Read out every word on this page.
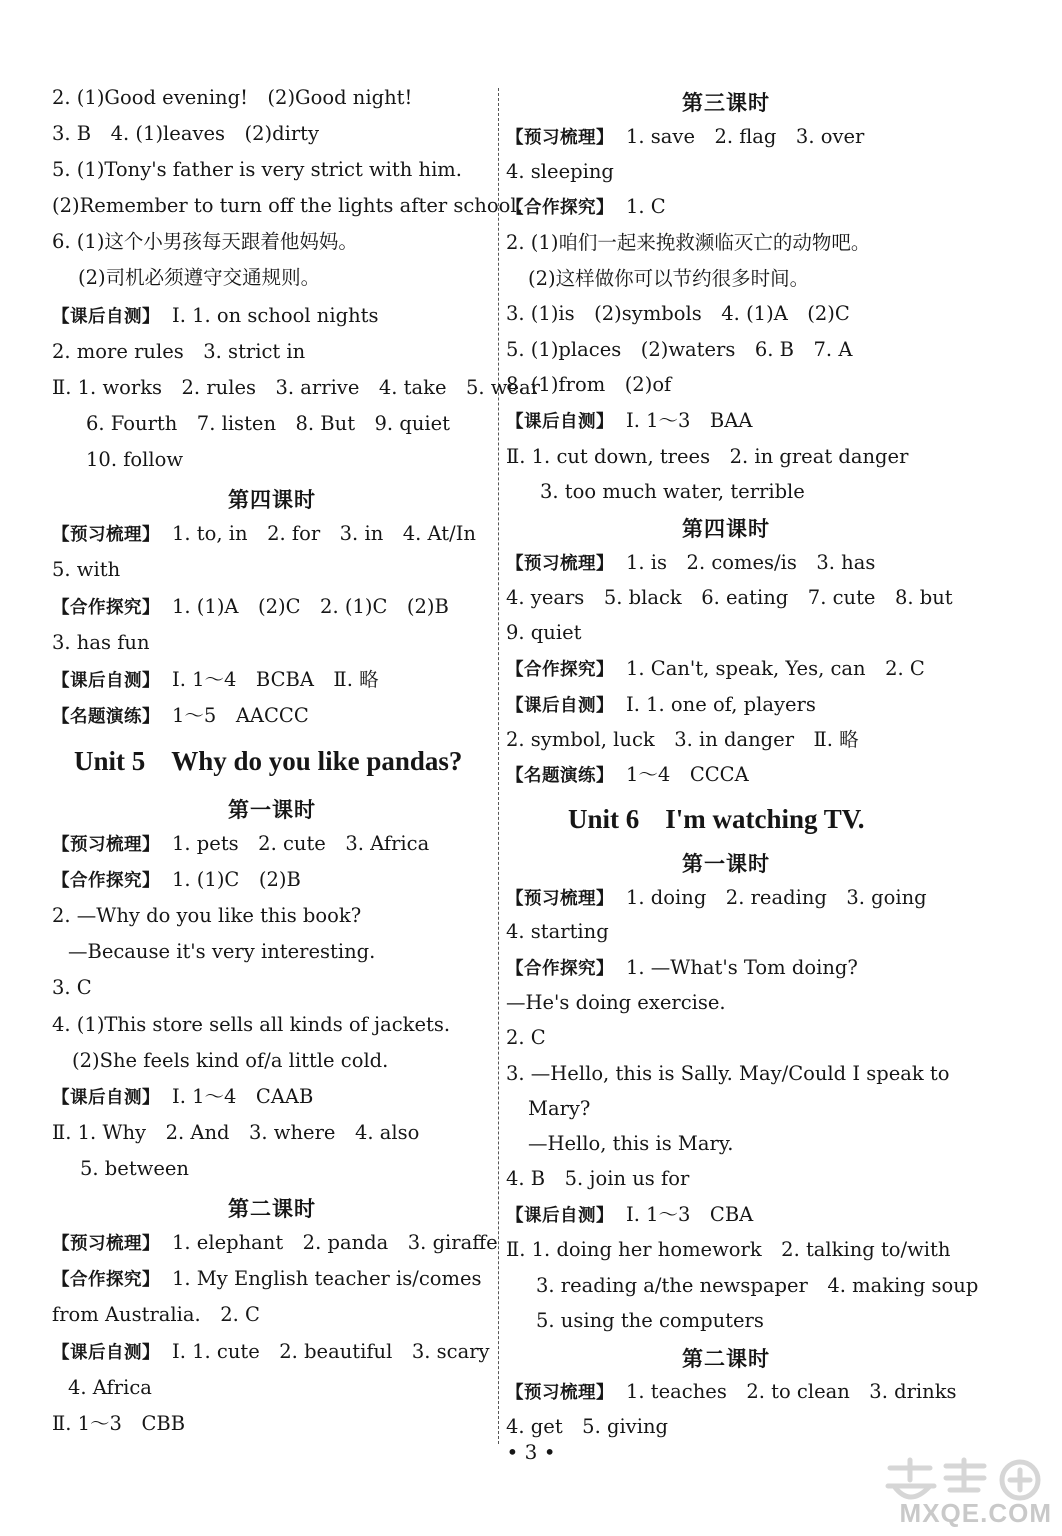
2. (1)Good evening!　(2)Good night!
3. B　4. (1)leaves　(2)dirty
5. (1)Tony's father is very strict with him.
(2)Remember to turn off the lights after school.
6. (1)这个小男孩每天跟着他妈妈。
(2)司机必须遵守交通规则。
【课后自测】 Ⅰ. 1. on school nights
2. more rules　3. strict in
Ⅱ. 1. works　2. rules　3. arrive　4. take　5. wear
6. Fourth　7. listen　8. But　9. quiet
10. follow
第四课时
【预习梳理】 1. to, in　2. for　3. in　4. At/In
5. with
【合作探究】 1. (1)A　(2)C　2. (1)C　(2)B
3. has fun
【课后自测】 Ⅰ. 1～4　BCBA　Ⅱ. 略
【名题演练】 1～5　AACCC
Unit 5 Why do you like pandas?
第一课时
【预习梳理】 1. pets　2. cute　3. Africa
【合作探究】 1. (1)C　(2)B
2. —Why do you like this book?
—Because it's very interesting.
3. C
4. (1)This store sells all kinds of jackets.
(2)She feels kind of/a little cold.
【课后自测】 Ⅰ. 1～4　CAAB
Ⅱ. 1. Why　2. And　3. where　4. also
5. between
第二课时
【预习梳理】 1. elephant　2. panda　3. giraffe
【合作探究】 1. My English teacher is/comes
from Australia.　2. C
【课后自测】 Ⅰ. 1. cute　2. beautiful　3. scary
4. Africa
Ⅱ. 1～3　CBB
第三课时
【预习梳理】 1. save　2. flag　3. over
4. sleeping
【合作探究】 1. C
2. (1)咱们一起来挽救濒临灭亡的动物吧。
(2)这样做你可以节约很多时间。
3. (1)is　(2)symbols　4. (1)A　(2)C
5. (1)places　(2)waters　6. B　7. A
8. (1)from　(2)of
【课后自测】 Ⅰ. 1～3　BAA
Ⅱ. 1. cut down, trees　2. in great danger
3. too much water, terrible
第四课时
【预习梳理】 1. is　2. comes/is　3. has
4. years　5. black　6. eating　7. cute　8. but
9. quiet
【合作探究】 1. Can't, speak, Yes, can　2. C
【课后自测】 Ⅰ. 1. one of, players
2. symbol, luck　3. in danger　Ⅱ. 略
【名题演练】 1～4　CCCA
Unit 6 I'm watching TV.
第一课时
【预习梳理】 1. doing　2. reading　3. going
4. starting
【合作探究】 1. —What's Tom doing?
—He's doing exercise.
2. C
3. —Hello, this is Sally. May/Could I speak to
Mary?
—Hello, this is Mary.
4. B　5. join us for
【课后自测】 Ⅰ. 1～3　CBA
Ⅱ. 1. doing her homework　2. talking to/with
3. reading a/the newspaper　4. making soup
5. using the computers
第二课时
【预习梳理】 1. teaches　2. to clean　3. drinks
4. get　5. giving
• 3 •
MXQE.COM
